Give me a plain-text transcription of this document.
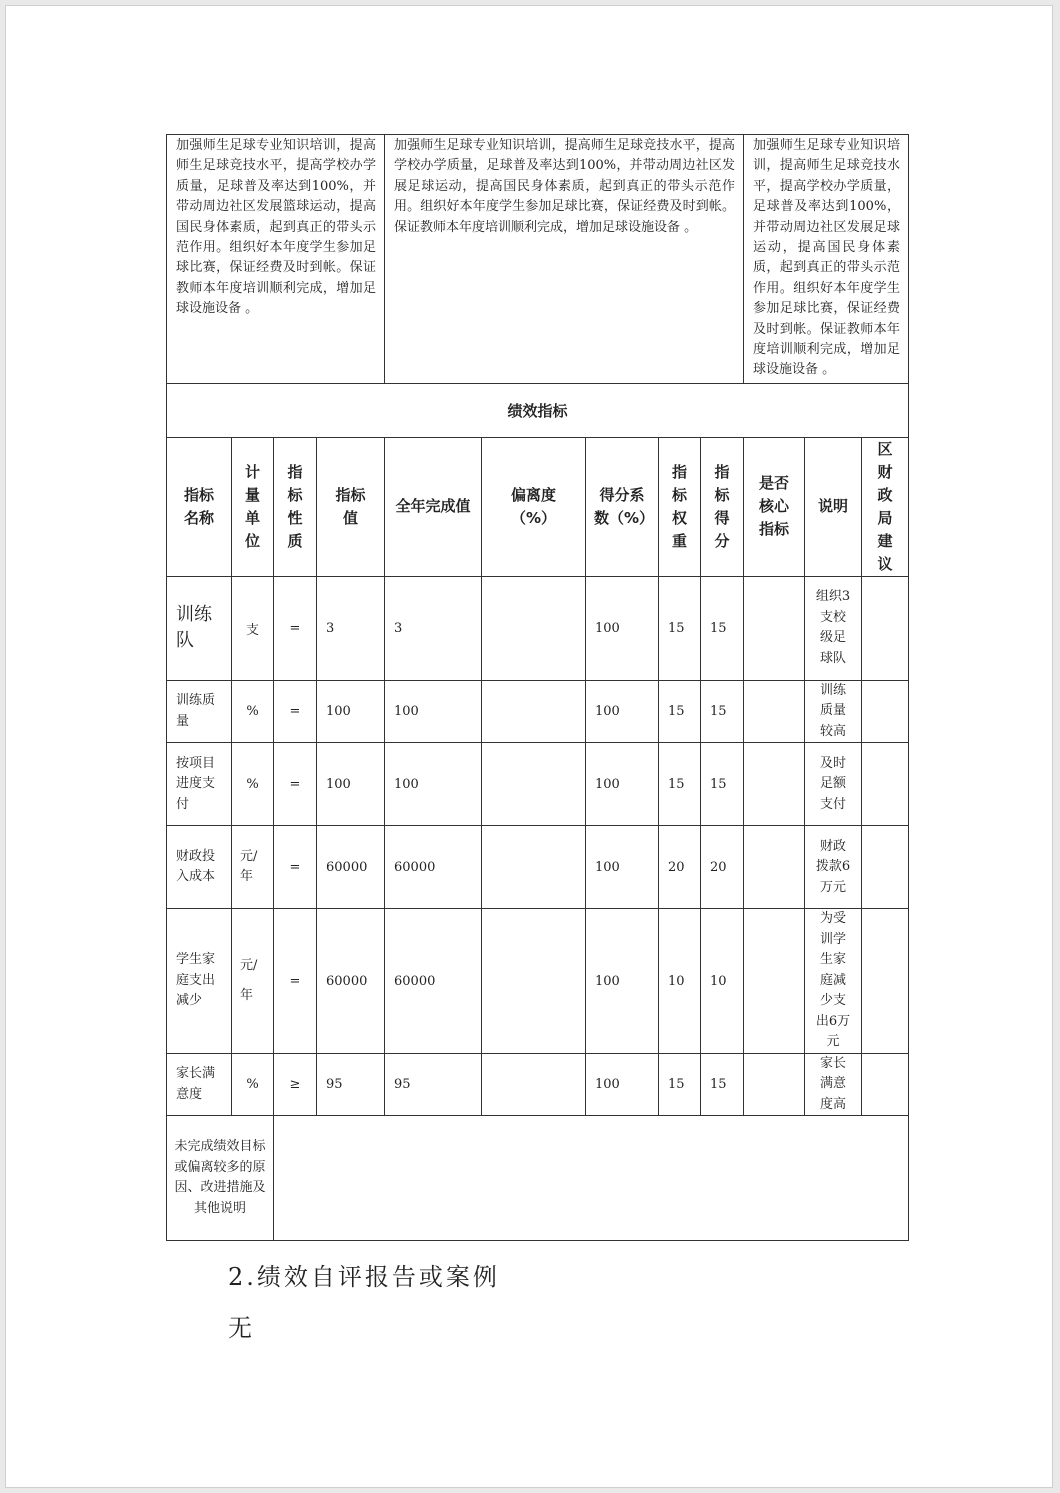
加强师生足球专业知识培训，提高师生足球竞技水平，提高学校办学质量，足球普及率达到100%，并带动周边社区发展篮球运动，提高国民身体素质，起到真正的带头示范作用。组织好本年度学生参加足球比赛，保证经费及时到帐。保证教师本年度培训顺利完成，增加足球设施设备 。				加强师生足球专业知识培训，提高师生足球竞技水平，提高学校办学质量，足球普及率达到100%，并带动周边社区发展足球运动，提高国民身体素质，起到真正的带头示范作用。组织好本年度学生参加足球比赛，保证经费及时到帐。保证教师本年度培训顺利完成，增加足球设施设备 。					加强师生足球专业知识培训，提高师生足球竞技水平，提高学校办学质量，足球普及率达到100%，并带动周边社区发展足球运动，提高国民身体素质，起到真正的带头示范作用。组织好本年度学生参加足球比赛，保证经费及时到帐。保证教师本年度培训顺利完成，增加足球设施设备 。		
绩效指标											
指标名称	计量单位	指标性质	指标值	全年完成值	偏离度（%）	得分系数（%）	指标权重	指标得分	是否核心指标	说明	区财政局建议
训练队	支	=	3	3		100	15	15		组织3支校级足球队	
训练质量	%	=	100	100		100	15	15		训练质量较高	
按项目进度支付	%	=	100	100		100	15	15		及时足额支付	
财政投入成本	元/年	=	60000	60000		100	20	20		财政拨款6万元	
学生家庭支出减少	元/年	=	60000	60000		100	10	10		为受训学生家庭减少支出6万元	
家长满意度	%	≥	95	95		100	15	15		家长满意度高	
未完成绩效目标或偏离较多的原因、改进措施及其他说明											
2.绩效自评报告或案例
无
